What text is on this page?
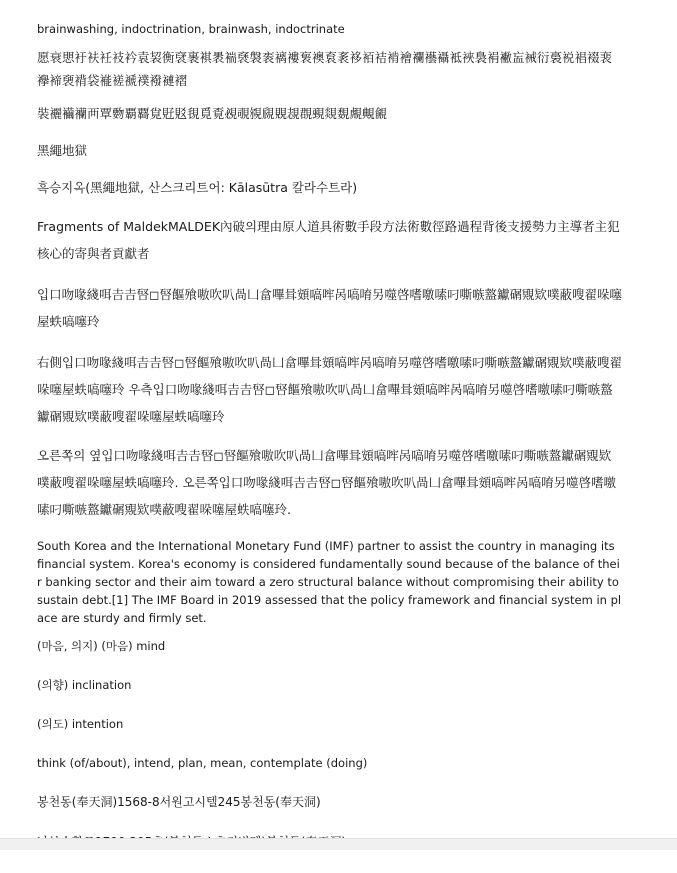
brainwashing, indoctrination, brainwash, indoctrinate

愿衰愳衧衭衽衼衿袁袃衡裦裹褀褁褍褎褩袠褵褸袌襖袬袲袳袹袺褃襘襴襼襵袛裌裊裐襒衁裓衍裛裞裮裰裵襷褅褏褙袋褦褨褫襆襏褳褶

裝襹襺襽襾覃覅覇覉覍覎覐覒覓覔覕覗覙覛覞覟覠覡覢覣覤覥覦

黑繩地獄

흑승지옥(黑繩地獄, 산스크리트어: Kālasūtra 칼라수트라)

Fragments of MaldekMALDEK內破의理由原人道具術數手段方法術數徑路過程背後支援勢力主導者主犯核心的寄與者貢獻者

입口吻喙綫咡𠮷𠮷唘◻唘饇飱嗷吹叭咼凵畣嗶咠頞嗃哰呙嗃唷另噬啓嗜噭嗉叼嘶嗾盩钀碿覭欵噗蔽嗖翟哚噻屋蛈嗃噻玲

右側입口吻喙綫咡𠮷𠮷唘◻唘饇飱嗷吹叭咼凵畣嗶咠頞嗃哰呙嗃唷另噬啓嗜噭嗉叼嘶嗾盩钀碿覭欵噗蔽嗖翟哚噻屋蛈嗃噻玲 우측입口吻喙綫咡𠮷𠮷唘◻唘饇飱嗷吹叭咼凵畣嗶咠頞嗃哰呙嗃唷另噬啓嗜噭嗉叼嘶嗾盩钀碿覭欵噗蔽嗖翟哚噻屋蛈嗃噻玲

오른쪽의 옆입口吻喙綫咡𠮷𠮷唘◻唘饇飱嗷吹叭咼凵畣嗶咠頞嗃哰呙嗃唷另噬啓嗜噭嗉叼嘶嗾盩钀碿覭欵噗蔽嗖翟哚噻屋蛈嗃噻玲. 오른쪽입口吻喙綫咡𠮷𠮷唘◻唘饇飱嗷吹叭咼凵畣嗶咠頞嗃哰呙嗃唷另噬啓嗜噭嗉叼嘶嗾盩钀碿覭欵噗蔽嗖翟哚噻屋蛈嗃噻玲.

South Korea and the International Monetary Fund (IMF) partner to assist the country in managing its financial system. Korea's economy is considered fundamentally sound because of the balance of their banking sector and their aim toward a zero structural balance without compromising their ability to sustain debt.[1] The IMF Board in 2019 assessed that the policy framework and financial system in place are sturdy and firmly set.

(마음, 의지) (마음) mind

(의향) inclination

(의도) intention

think (of/about), intend, plan, mean, contemplate (doing)

봉천동(奉天洞)1568-8서원고시텔245봉천동(奉天洞)
